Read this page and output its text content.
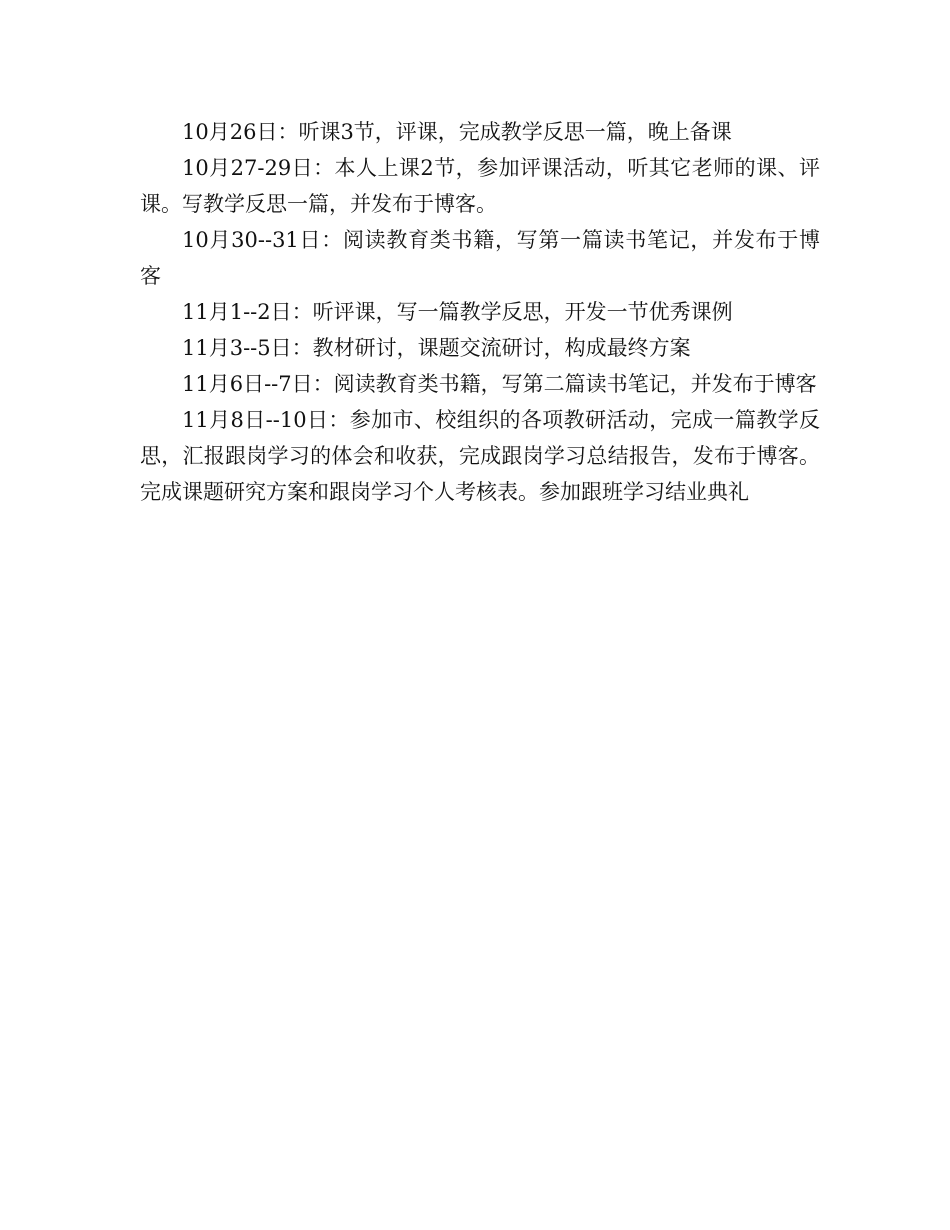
10月26日：听课3节，评课，完成教学反思一篇，晚上备课

10月27-29日：本人上课2节，参加评课活动，听其它老师的课、评课。写教学反思一篇，并发布于博客。

10月30--31日：阅读教育类书籍，写第一篇读书笔记，并发布于博客

11月1--2日：听评课，写一篇教学反思，开发一节优秀课例

11月3--5日：教材研讨，课题交流研讨，构成最终方案

11月6日--7日：阅读教育类书籍，写第二篇读书笔记，并发布于博客

11月8日--10日：参加市、校组织的各项教研活动，完成一篇教学反思，汇报跟岗学习的体会和收获，完成跟岗学习总结报告，发布于博客。完成课题研究方案和跟岗学习个人考核表。参加跟班学习结业典礼
